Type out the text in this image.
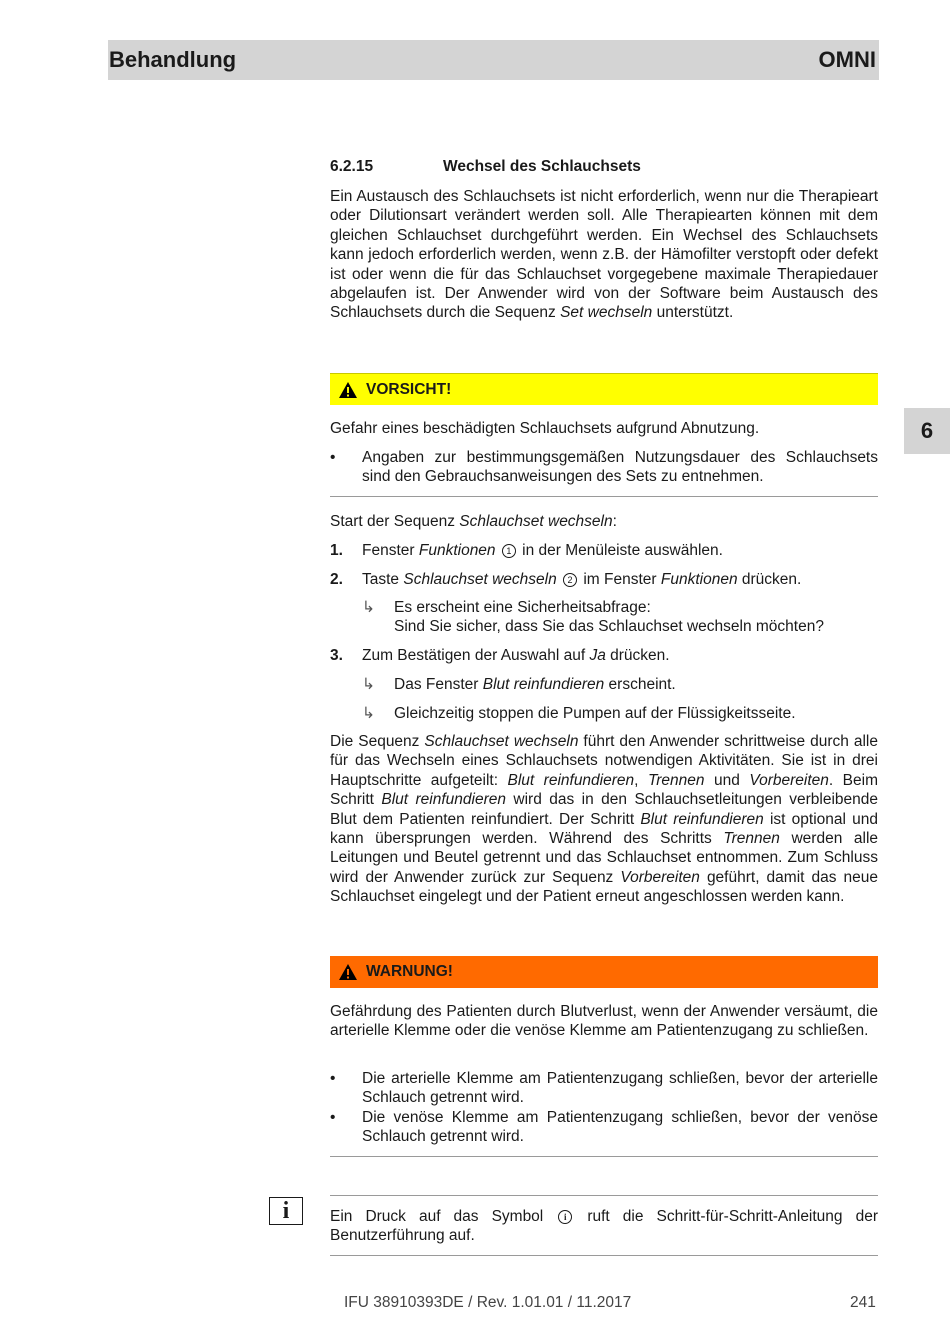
Behandlung	OMNI
6
6.2.15	Wechsel des Schlauchsets

Ein Austausch des Schlauchsets ist nicht erforderlich, wenn nur die Therapieart oder Dilutionsart verändert werden soll. Alle Therapiearten können mit dem gleichen Schlauchset durchgeführt werden. Ein Wechsel des Schlauchsets kann jedoch erforderlich werden, wenn z.B. der Hämofilter verstopft oder defekt ist oder wenn die für das Schlauchset vorgegebene maximale Therapiedauer abgelaufen ist. Der Anwender wird von der Software beim Austausch des Schlauchsets durch die Sequenz Set wechseln unterstützt.

VORSICHT!

Gefahr eines beschädigten Schlauchsets aufgrund Abnutzung.

•	Angaben zur bestimmungsgemäßen Nutzungsdauer des Schlauchsets sind den Gebrauchsanweisungen des Sets zu entnehmen.

Start der Sequenz Schlauchset wechseln:

1.	Fenster Funktionen 1 in der Menüleiste auswählen.
2.	Taste Schlauchset wechseln 2 im Fenster Funktionen drücken.
↳	Es erscheint eine Sicherheitsabfrage:
Sind Sie sicher, dass Sie das Schlauchset wechseln möchten?
3.	Zum Bestätigen der Auswahl auf Ja drücken.
↳	Das Fenster Blut reinfundieren erscheint.
↳	Gleichzeitig stoppen die Pumpen auf der Flüssigkeitsseite.

Die Sequenz Schlauchset wechseln führt den Anwender schrittweise durch alle für das Wechseln eines Schlauchsets notwendigen Aktivitäten. Sie ist in drei Hauptschritte aufgeteilt: Blut reinfundieren, Trennen und Vorbereiten. Beim Schritt Blut reinfundieren wird das in den Schlauchsetleitungen verbleibende Blut dem Patienten reinfundiert. Der Schritt Blut reinfundieren ist optional und kann übersprungen werden. Während des Schritts Trennen werden alle Leitungen und Beutel getrennt und das Schlauchset entnommen. Zum Schluss wird der Anwender zurück zur Sequenz Vorbereiten geführt, damit das neue Schlauchset eingelegt und der Patient erneut angeschlossen werden kann.

WARNUNG!

Gefährdung des Patienten durch Blutverlust, wenn der Anwender versäumt, die arterielle Klemme oder die venöse Klemme am Patientenzugang zu schließen.

•	Die arterielle Klemme am Patientenzugang schließen, bevor der arterielle Schlauch getrennt wird.
•	Die venöse Klemme am Patientenzugang schließen, bevor der venöse Schlauch getrennt wird.

Ein Druck auf das Symbol i ruft die Schritt-für-Schritt-Anleitung der Benutzerführung auf.

i
IFU 38910393DE / Rev. 1.01.01 / 11.2017	241
